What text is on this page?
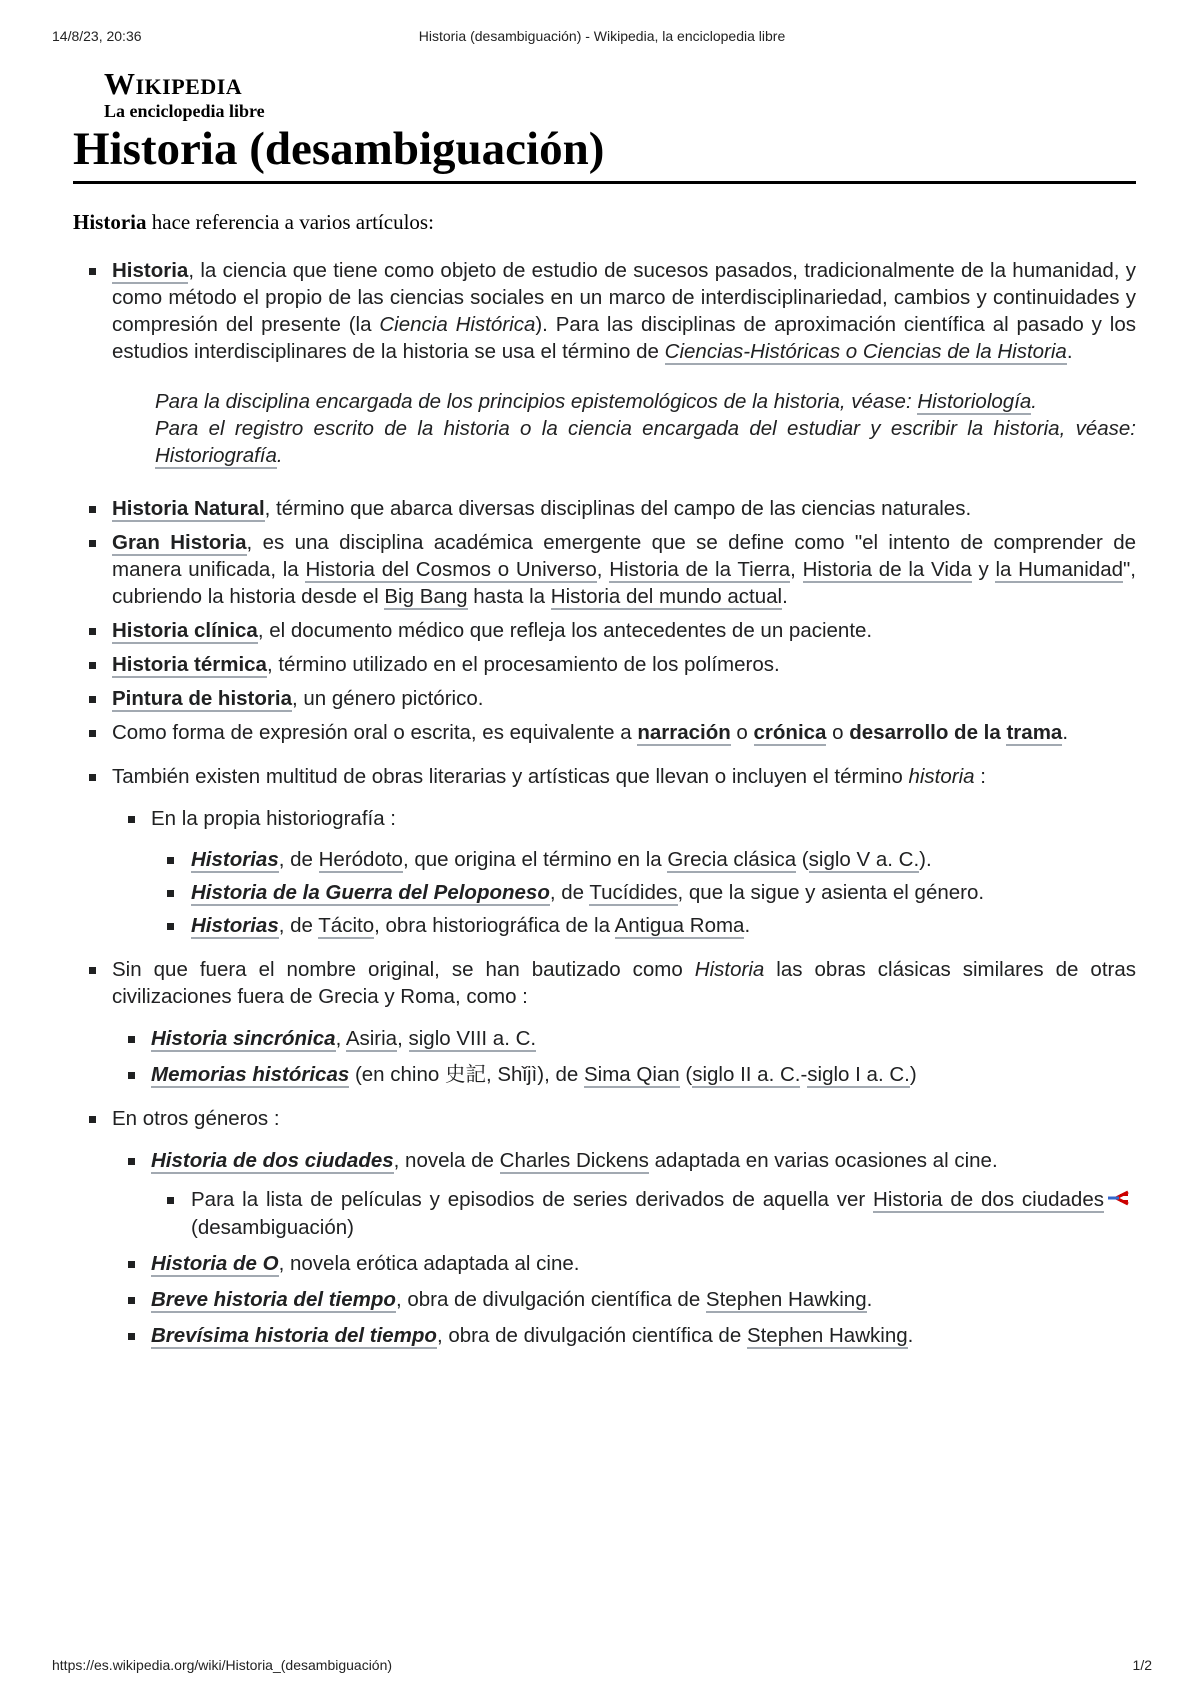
14/8/23, 20:36	Historia (desambiguación) - Wikipedia, la enciclopedia libre
Wikipedia
La enciclopedia libre
Historia (desambiguación)

Historia hace referencia a varios artículos:

Historia, la ciencia que tiene como objeto de estudio de sucesos pasados, tradicionalmente de la humanidad, y como método el propio de las ciencias sociales en un marco de interdisciplinariedad, cambios y continuidades y compresión del presente (la Ciencia Histórica). Para las disciplinas de aproximación científica al pasado y los estudios interdisciplinares de la historia se usa el término de Ciencias-Históricas o Ciencias de la Historia.
Para la disciplina encargada de los principios epistemológicos de la historia, véase: Historiología.
Para el registro escrito de la historia o la ciencia encargada del estudiar y escribir la historia, véase: Historiografía.
Historia Natural, término que abarca diversas disciplinas del campo de las ciencias naturales.
Gran Historia, es una disciplina académica emergente que se define como "el intento de comprender de manera unificada, la Historia del Cosmos o Universo, Historia de la Tierra, Historia de la Vida y la Humanidad", cubriendo la historia desde el Big Bang hasta la Historia del mundo actual.
Historia clínica, el documento médico que refleja los antecedentes de un paciente.
Historia térmica, término utilizado en el procesamiento de los polímeros.
Pintura de historia, un género pictórico.
Como forma de expresión oral o escrita, es equivalente a narración o crónica o desarrollo de la trama.
También existen multitud de obras literarias y artísticas que llevan o incluyen el término historia :
En la propia historiografía :
Historias, de Heródoto, que origina el término en la Grecia clásica (siglo V a. C.).
Historia de la Guerra del Peloponeso, de Tucídides, que la sigue y asienta el género.
Historias, de Tácito, obra historiográfica de la Antigua Roma.
Sin que fuera el nombre original, se han bautizado como Historia las obras clásicas similares de otras civilizaciones fuera de Grecia y Roma, como :
Historia sincrónica, Asiria, siglo VIII a. C.
Memorias históricas (en chino 史記, Shǐjì), de Sima Qian (siglo II a. C.-siglo I a. C.)
En otros géneros :
Historia de dos ciudades, novela de Charles Dickens adaptada en varias ocasiones al cine.
Para la lista de películas y episodios de series derivados de aquella ver Historia de dos ciudades (desambiguación)
Historia de O, novela erótica adaptada al cine.
Breve historia del tiempo, obra de divulgación científica de Stephen Hawking.
Brevísima historia del tiempo, obra de divulgación científica de Stephen Hawking.
https://es.wikipedia.org/wiki/Historia_(desambiguación)	1/2
